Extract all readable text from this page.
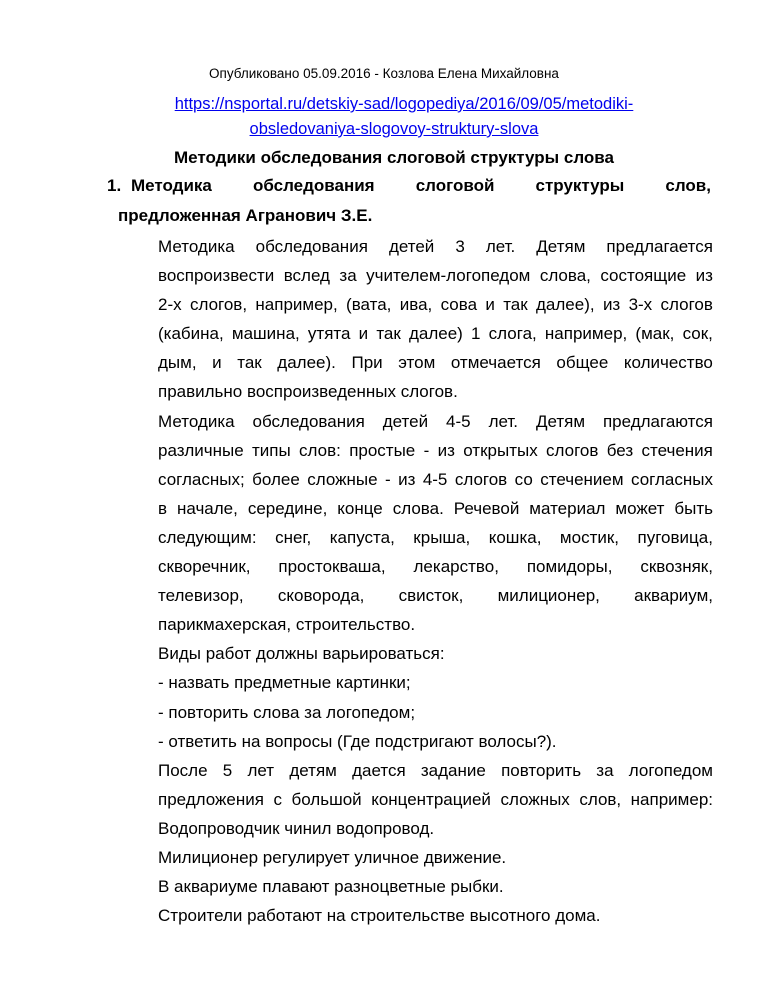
Опубликовано 05.09.2016 - Козлова Елена Михайловна
https://nsportal.ru/detskiy-sad/logopediya/2016/09/05/metodiki-
obsledovaniya-slogovoy-struktury-slova
Методики обследования слоговой структуры слова
1. Методика обследования слоговой структуры слов,
предложенная Агранович З.Е.
Методика обследования детей 3 лет. Детям предлагается
воспроизвести вслед за учителем-логопедом слова, состоящие из
2-х слогов, например, (вата, ива, сова и так далее), из 3-х слогов
(кабина, машина, утята и так далее) 1 слога, например, (мак, сок,
дым, и так далее). При этом отмечается общее количество
правильно воспроизведенных слогов.
Методика обследования детей 4-5 лет. Детям предлагаются
различные типы слов: простые - из открытых слогов без стечения
согласных; более сложные - из 4-5 слогов со стечением согласных
в начале, середине, конце слова. Речевой материал может быть
следующим: снег, капуста, крыша, кошка, мостик, пуговица,
скворечник, простокваша, лекарство, помидоры, сквозняк,
телевизор, сковорода, свисток, милиционер, аквариум,
парикмахерская, строительство.
Виды работ должны варьироваться:
- назвать предметные картинки;
- повторить слова за логопедом;
- ответить на вопросы (Где подстригают волосы?).
После 5 лет детям дается задание повторить за логопедом
предложения с большой концентрацией сложных слов, например:
Водопроводчик чинил водопровод.
Милиционер регулирует уличное движение.
В аквариуме плавают разноцветные рыбки.
Строители работают на строительстве высотного дома.
